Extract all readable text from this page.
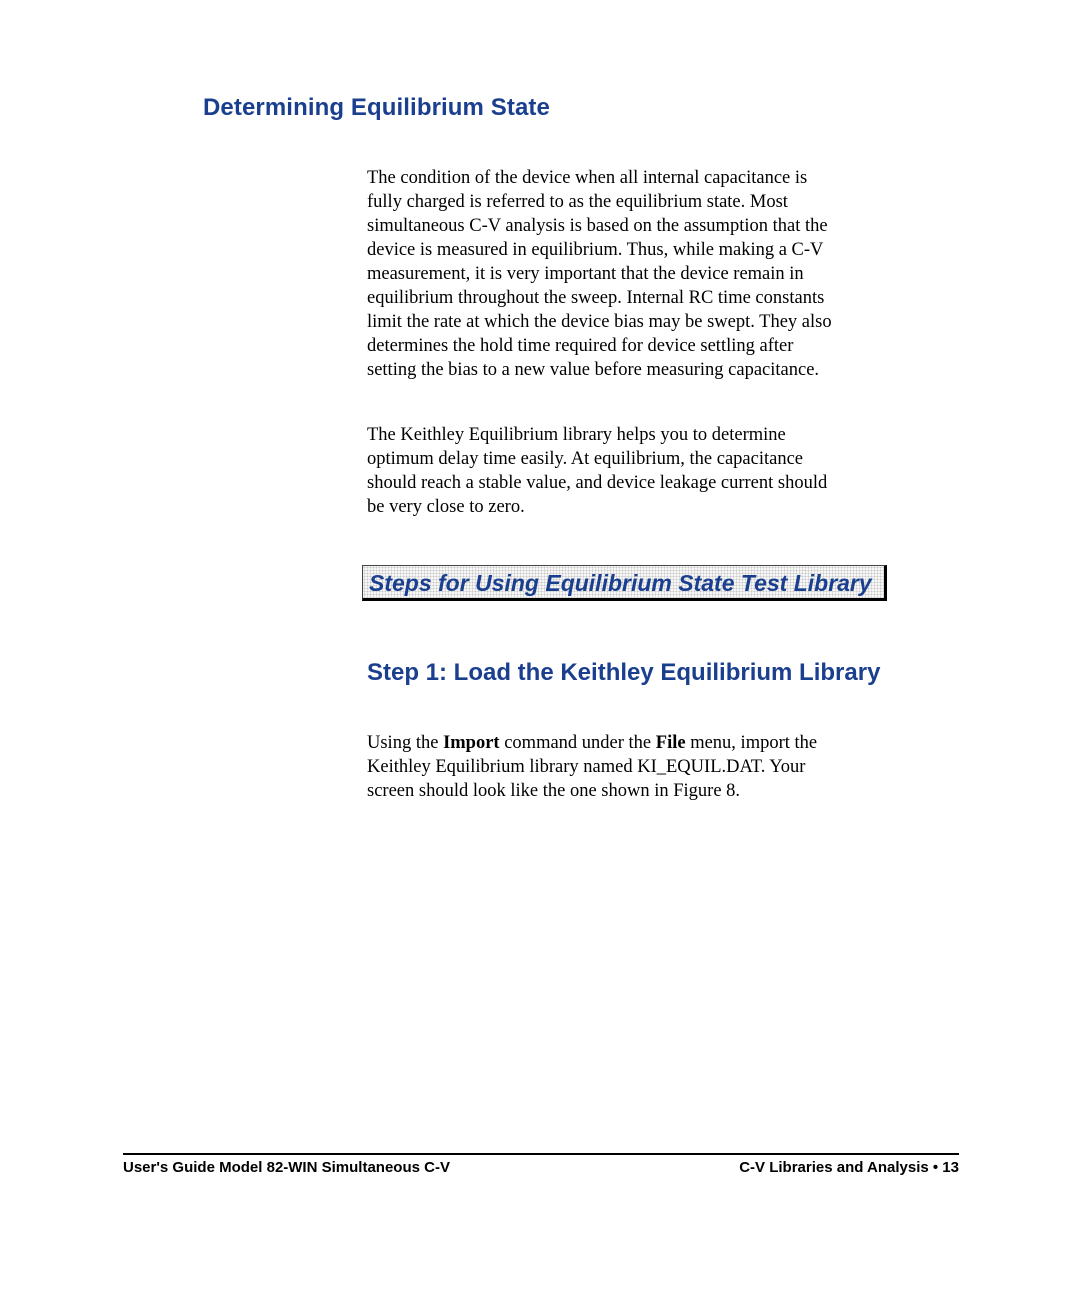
Determining Equilibrium State

The condition of the device when all internal capacitance is
fully charged is referred to as the equilibrium state. Most
simultaneous C-V analysis is based on the assumption that the
device is measured in equilibrium. Thus, while making a C-V
measurement, it is very important that the device remain in
equilibrium throughout the sweep. Internal RC time constants
limit the rate at which the device bias may be swept. They also
determines the hold time required for device settling after
setting the bias to a new value before measuring capacitance.

The Keithley Equilibrium library helps you to determine
optimum delay time easily. At equilibrium, the capacitance
should reach a stable value, and device leakage current should
be very close to zero.

Steps for Using Equilibrium State Test Library
Step 1: Load the Keithley Equilibrium Library

Using the Import command under the File menu, import the
Keithley Equilibrium library named KI_EQUIL.DAT. Your
screen should look like the one shown in Figure 8.

User's Guide Model 82-WIN Simultaneous C-V	C-V Libraries and Analysis • 13
